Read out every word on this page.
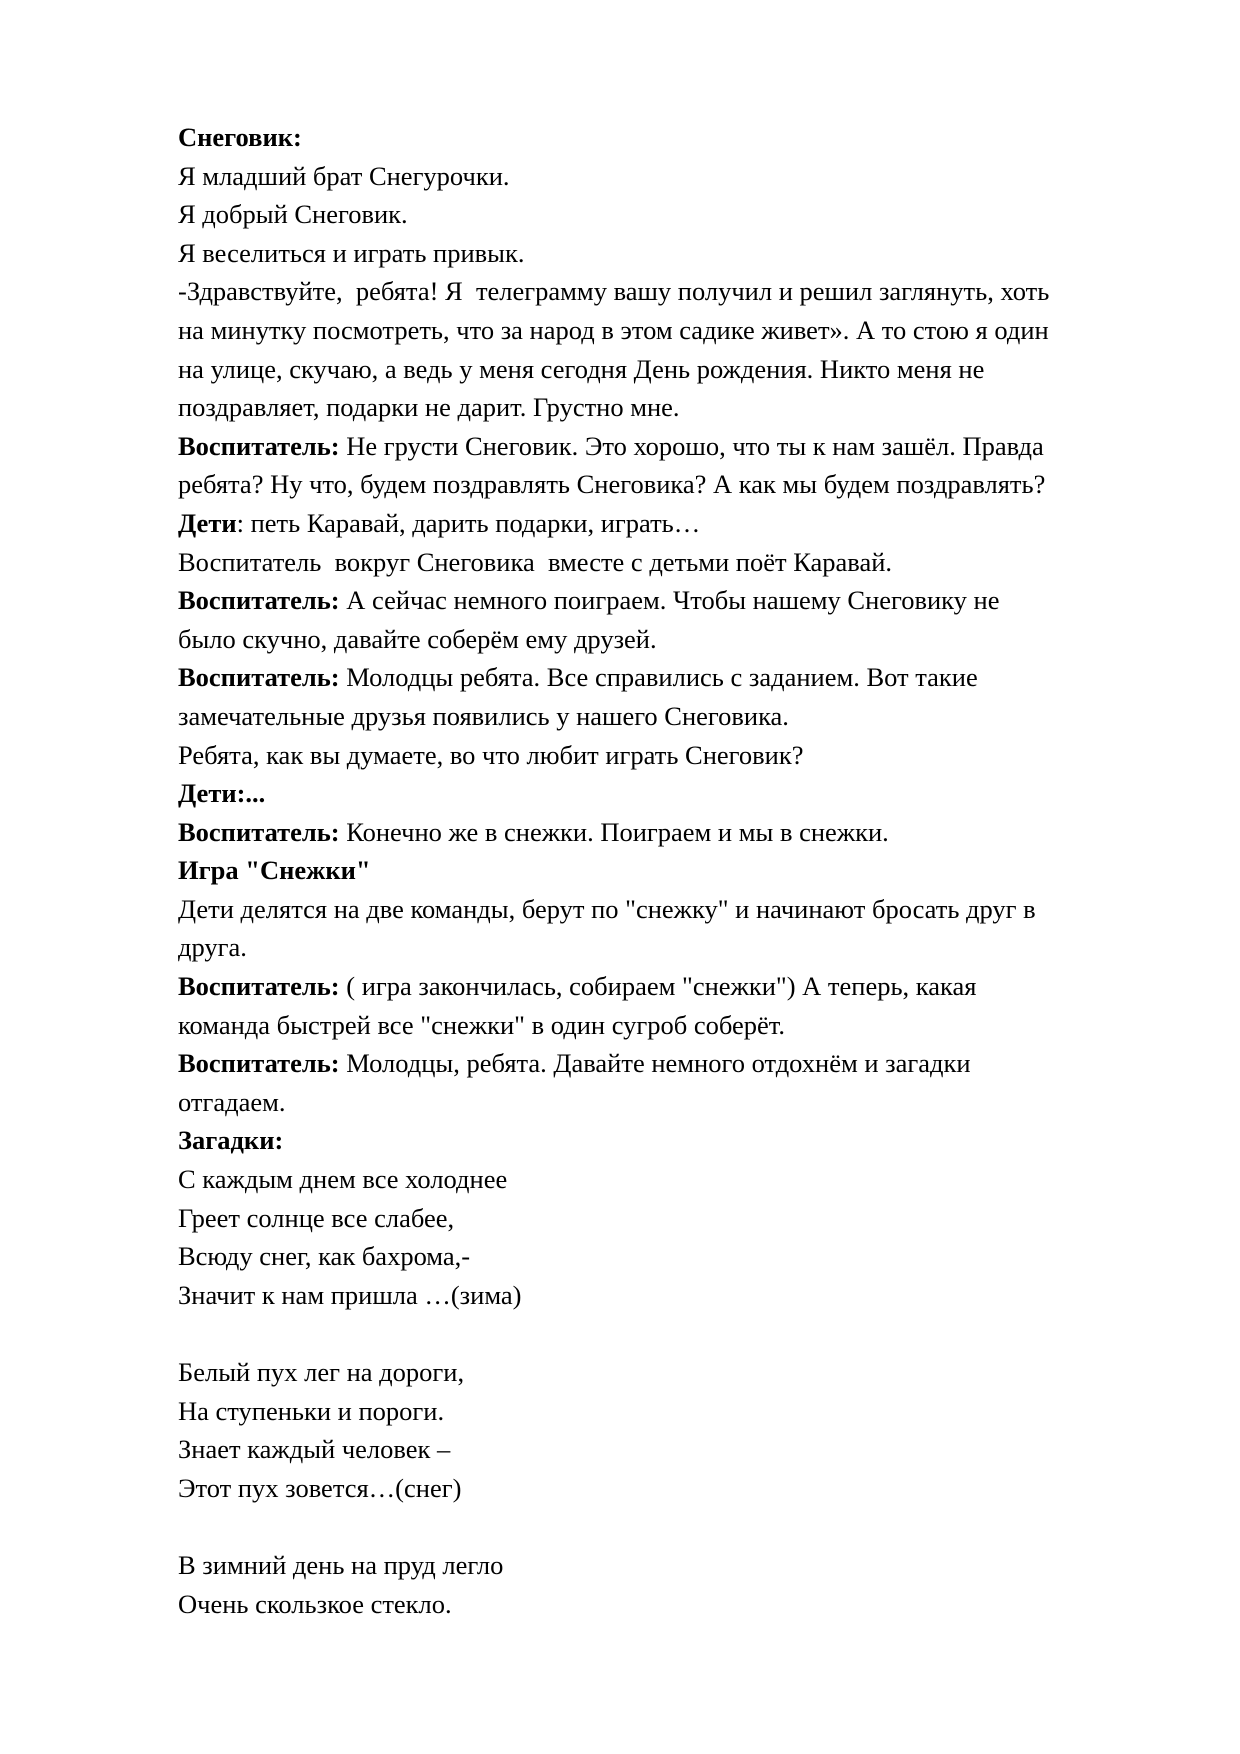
Снеговик:
Я младший брат Снегурочки.
Я добрый Снеговик.
Я веселиться и играть привык.
-Здравствуйте,  ребята! Я  телеграмму вашу получил и решил заглянуть, хоть
на минутку посмотреть, что за народ в этом садике живет». А то стою я один
на улице, скучаю, а ведь у меня сегодня День рождения. Никто меня не
поздравляет, подарки не дарит. Грустно мне.
Воспитатель: Не грусти Снеговик. Это хорошо, что ты к нам зашёл. Правда
ребята? Ну что, будем поздравлять Снеговика? А как мы будем поздравлять?
Дети: петь Каравай, дарить подарки, играть…
Воспитатель  вокруг Снеговика  вместе с детьми поёт Каравай.
Воспитатель: А сейчас немного поиграем. Чтобы нашему Снеговику не
было скучно, давайте соберём ему друзей.
Воспитатель: Молодцы ребята. Все справились с заданием. Вот такие
замечательные друзья появились у нашего Снеговика.
Ребята, как вы думаете, во что любит играть Снеговик?
Дети:...
Воспитатель: Конечно же в снежки. Поиграем и мы в снежки.
Игра "Снежки"
Дети делятся на две команды, берут по "снежку" и начинают бросать друг в
друга.
Воспитатель: ( игра закончилась, собираем "снежки") А теперь, какая
команда быстрей все "снежки" в один сугроб соберёт.
Воспитатель: Молодцы, ребята. Давайте немного отдохнём и загадки
отгадаем.
Загадки:
С каждым днем все холоднее
Греет солнце все слабее,
Всюду снег, как бахрома,-
Значит к нам пришла …(зима)
Белый пух лег на дороги,
На ступеньки и пороги.
Знает каждый человек –
Этот пух зовется…(снег)
В зимний день на пруд легло
Очень скользкое стекло.
